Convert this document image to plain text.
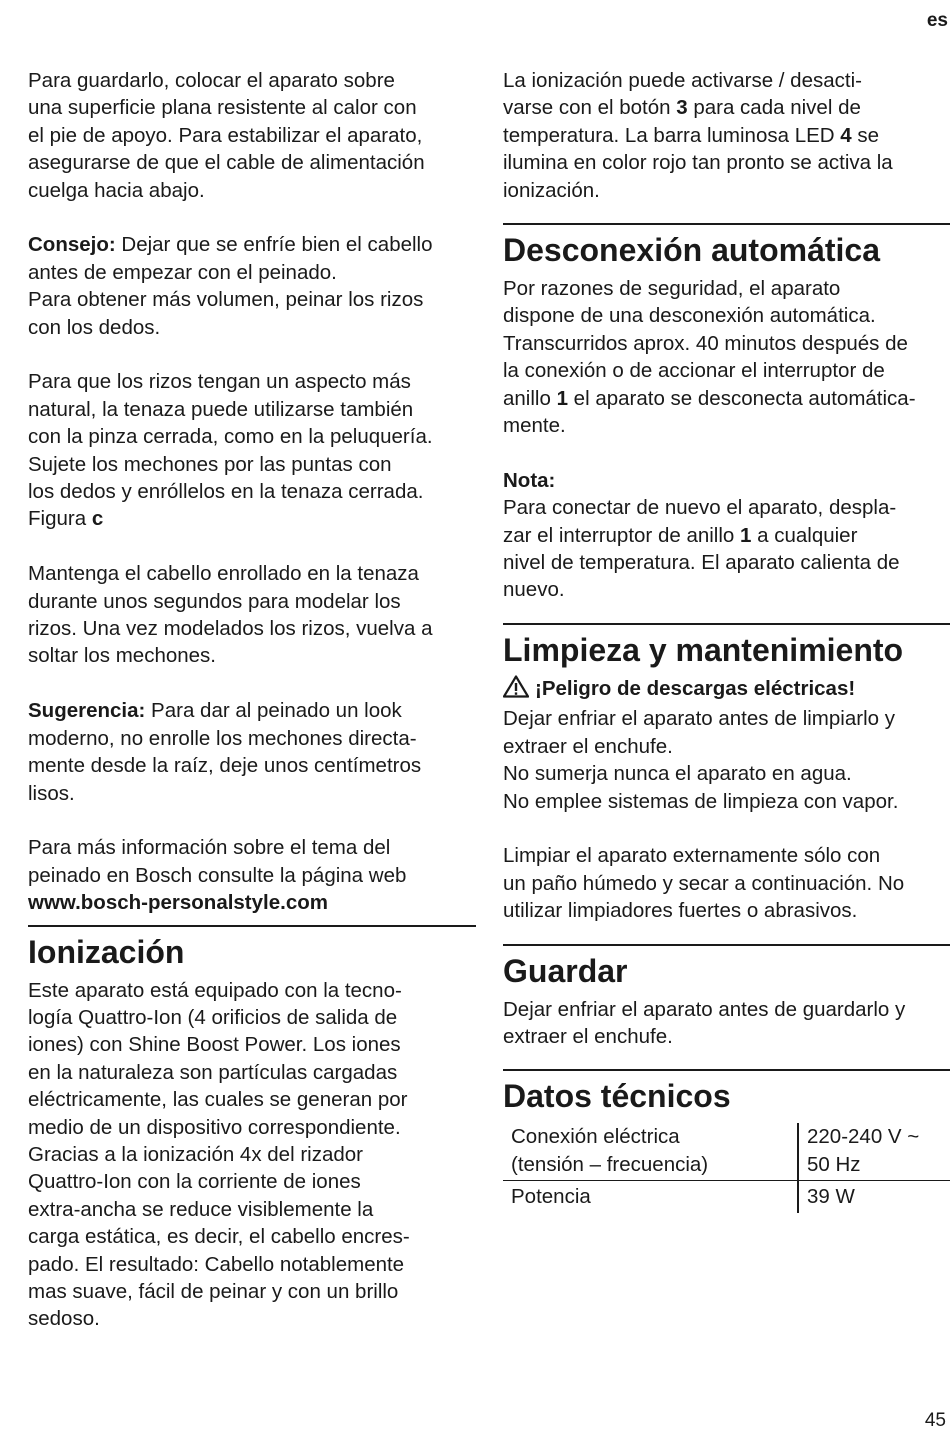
es

Para guardarlo, colocar el aparato sobre

una superficie plana resistente al calor con

el pie de apoyo. Para estabilizar el aparato,

asegurarse de que el cable de alimentación

cuelga hacia abajo.

Consejo: Dejar que se enfríe bien el cabello

antes de empezar con el peinado.

Para obtener más volumen, peinar los rizos

con los dedos.

Para que los rizos tengan un aspecto más

natural, la tenaza puede utilizarse también

con la pinza cerrada, como en la peluquería.

Sujete los mechones por las puntas con

los dedos y enróllelos en la tenaza cerrada.

Figura c

Mantenga el cabello enrollado en la tenaza

durante unos segundos para modelar los

rizos. Una vez modelados los rizos, vuelva a

soltar los mechones.

Sugerencia: Para dar al peinado un look

moderno, no enrolle los mechones directa-

mente desde la raíz, deje unos centímetros

lisos.

Para más información sobre el tema del

peinado en Bosch consulte la página web

www.bosch-personalstyle.com

Ionización

Este aparato está equipado con la tecno-

logía Quattro-Ion (4 orificios de salida de

iones) con Shine Boost Power. Los iones

en la naturaleza son partículas cargadas

eléctricamente, las cuales se generan por

medio de un dispositivo correspondiente.

Gracias a la ionización 4x del rizador

Quattro-Ion con la corriente de iones

extra-ancha se reduce visiblemente la

carga estática, es decir, el cabello encres-

pado. El resultado: Cabello notablemente

mas suave, fácil de peinar y con un brillo

sedoso.

La ionización puede activarse / desacti-

varse con el botón 3 para cada nivel de

temperatura. La barra luminosa LED 4 se

ilumina en color rojo tan pronto se activa la

ionización.

Desconexión automática

Por razones de seguridad, el aparato

dispone de una desconexión automática.

Transcurridos aprox. 40 minutos después de

la conexión o de accionar el interruptor de

anillo 1 el aparato se desconecta automática-

mente.

Nota:

Para conectar de nuevo el aparato, despla-

zar el interruptor de anillo 1 a cualquier

nivel de temperatura. El aparato calienta de

nuevo.

Limpieza y mantenimiento

¡Peligro de descargas eléctricas!

Dejar enfriar el aparato antes de limpiarlo y

extraer el enchufe.

No sumerja nunca el aparato en agua.

No emplee sistemas de limpieza con vapor.

Limpiar el aparato externamente sólo con

un paño húmedo y secar a continuación. No

utilizar limpiadores fuertes o abrasivos.

Guardar

Dejar enfriar el aparato antes de guardarlo y

extraer el enchufe.

Datos técnicos
Conexión eléctrica
(tensión – frecuencia)	220-240 V ~
50 Hz
Potencia	39 W
45
